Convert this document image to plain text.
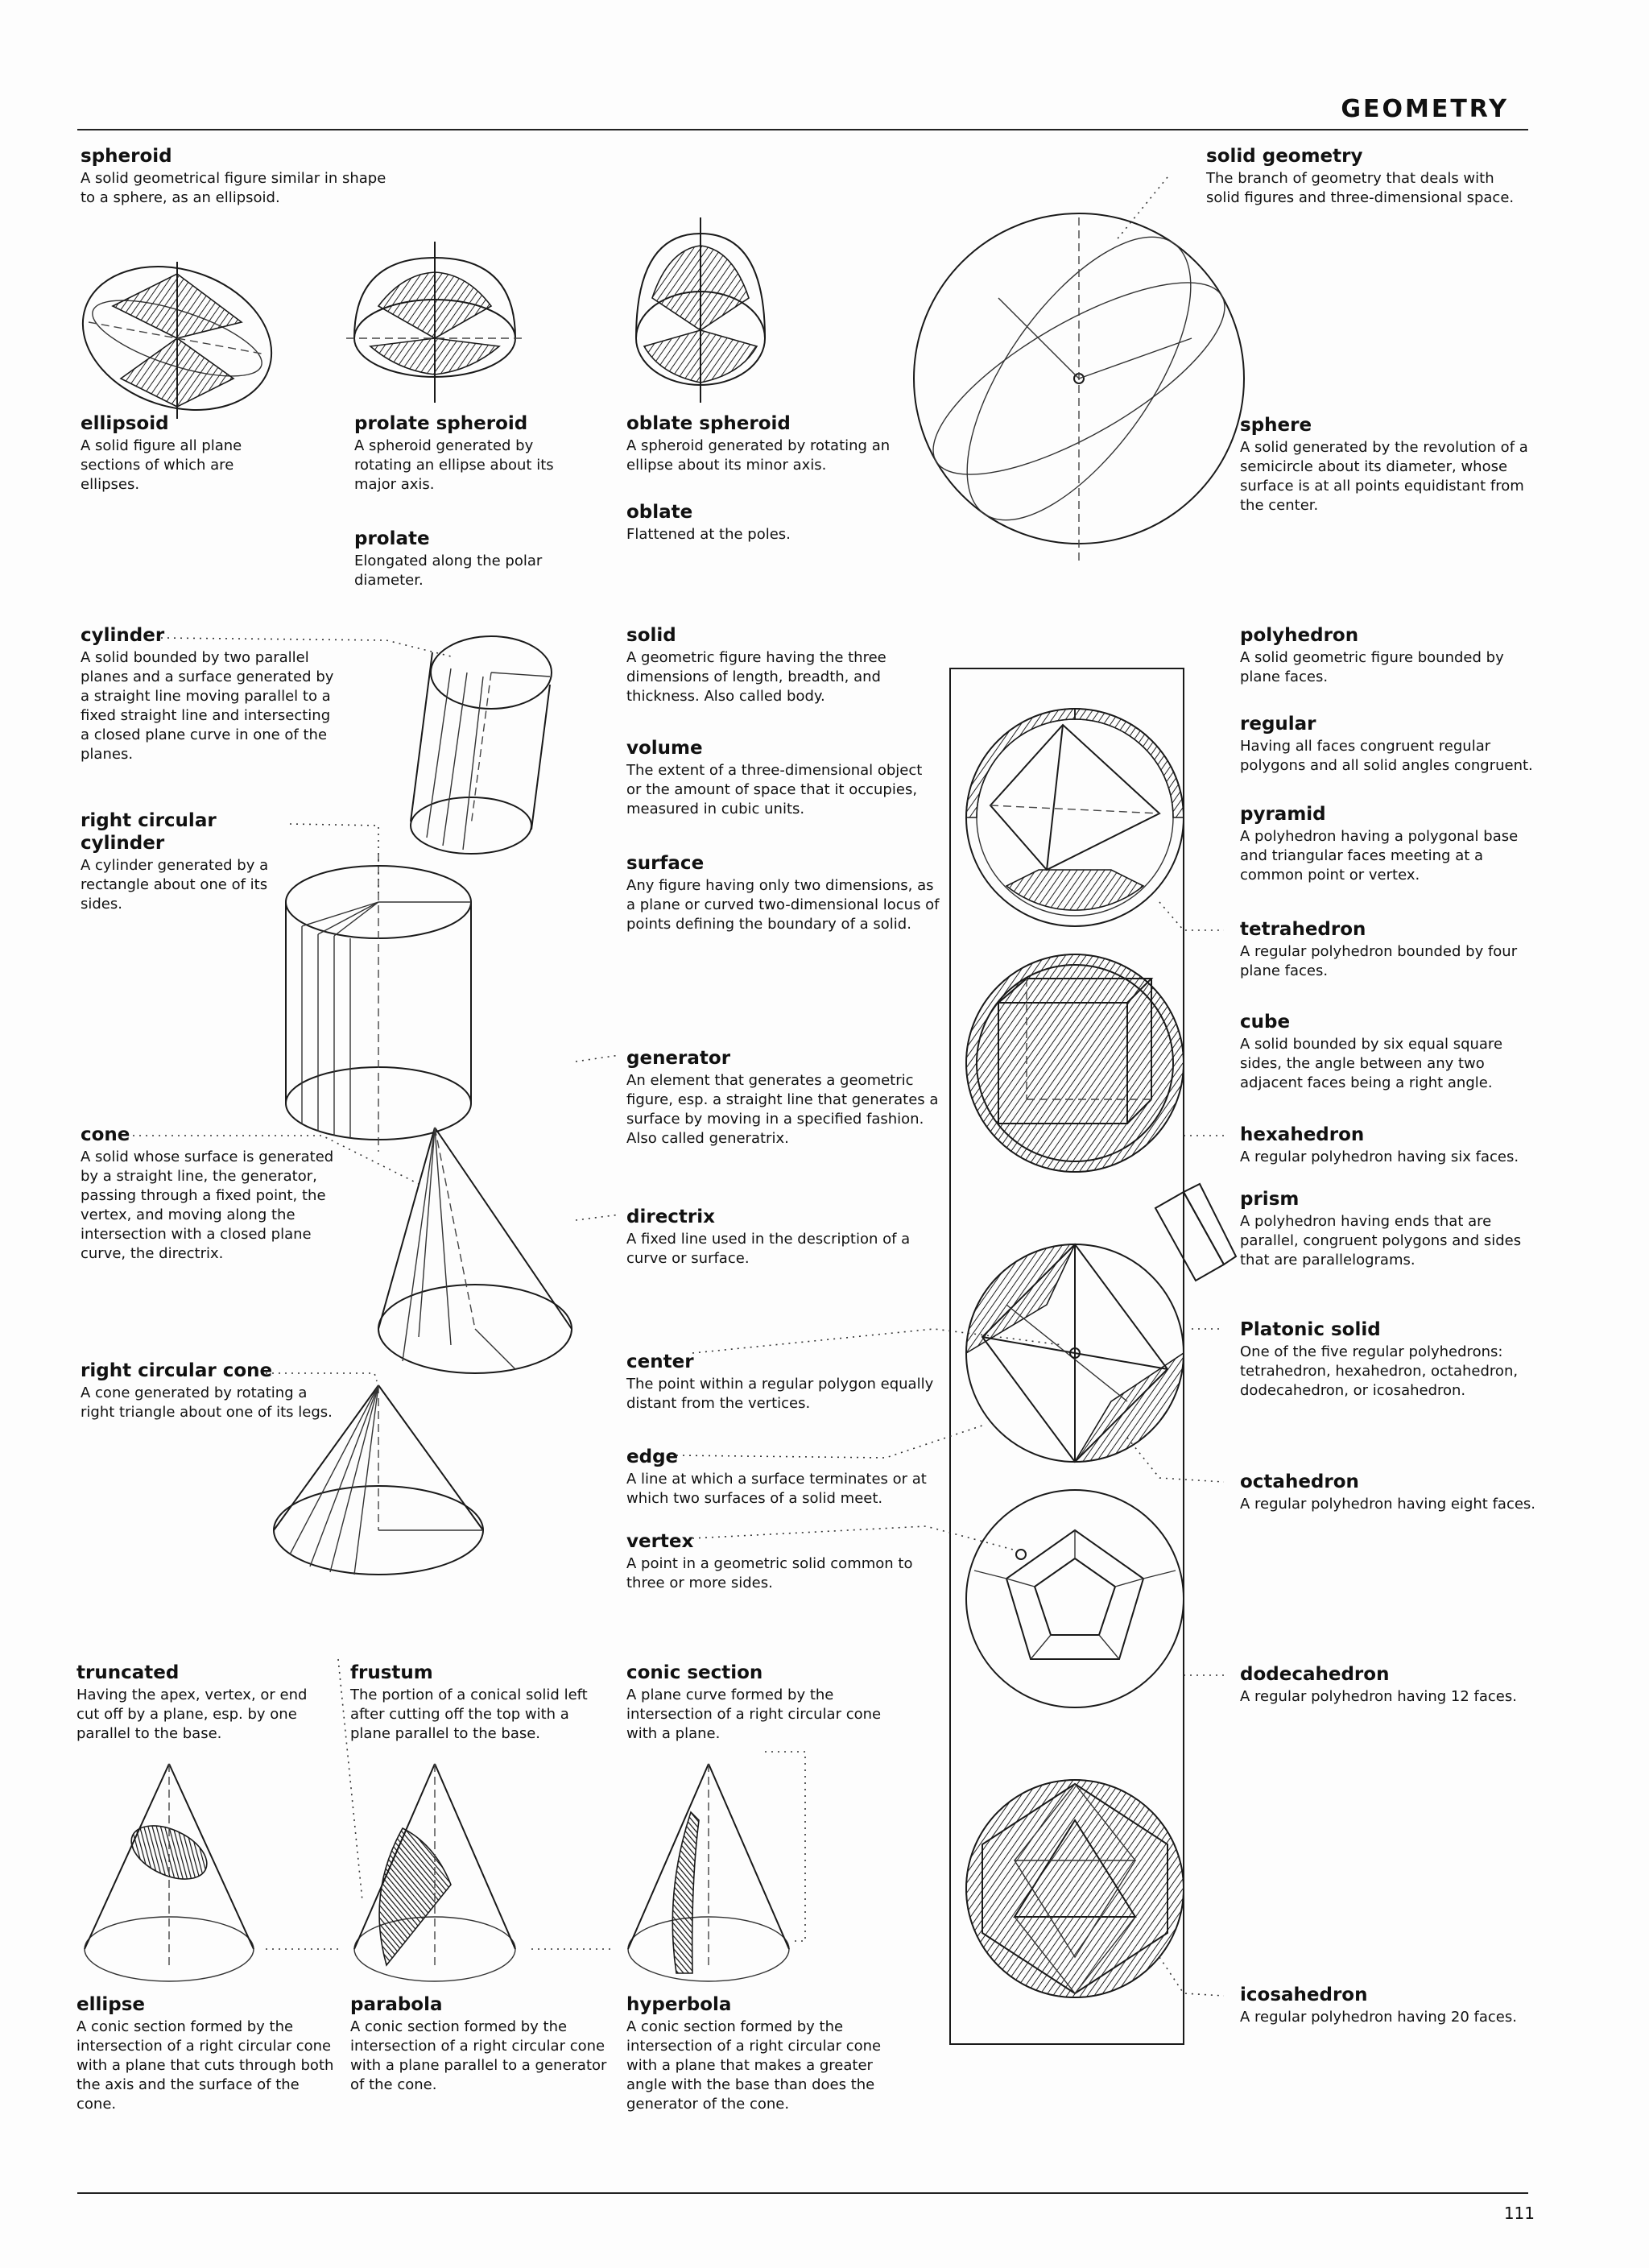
GEOMETRY
111
spheroid
A solid geometrical figure similar in shape to a sphere, as an ellipsoid.
solid geometry
The branch of geometry that deals with solid figures and three-dimensional space.
ellipsoid
A solid figure all plane sections of which are ellipses.
prolate spheroid
A spheroid generated by rotating an ellipse about its major axis.
prolate
Elongated along the polar diameter.
oblate spheroid
A spheroid generated by rotating an ellipse about its minor axis.
oblate
Flattened at the poles.
sphere
A solid generated by the revolution of a semicircle about its diameter, whose surface is at all points equidistant from the center.
cylinder
A solid bounded by two parallel planes and a surface generated by a straight line moving parallel to a fixed straight line and intersecting a closed plane curve in one of the planes.
right circular cylinder
A cylinder generated by a rectangle about one of its sides.
cone
A solid whose surface is generated by a straight line, the generator, passing through a fixed point, the vertex, and moving along the intersection with a closed plane curve, the directrix.
right circular cone
A cone generated by rotating a right triangle about one of its legs.
solid
A geometric figure having the three dimensions of length, breadth, and thickness. Also called body.
volume
The extent of a three-dimensional object or the amount of space that it occupies, measured in cubic units.
surface
Any figure having only two dimensions, as a plane or curved two-dimensional locus of points defining the boundary of a solid.
generator
An element that generates a geometric figure, esp. a straight line that generates a surface by moving in a specified fashion. Also called generatrix.
directrix
A fixed line used in the description of a curve or surface.
center
The point within a regular polygon equally distant from the vertices.
edge
A line at which a surface terminates or at which two surfaces of a solid meet.
vertex
A point in a geometric solid common to three or more sides.
polyhedron
A solid geometric figure bounded by plane faces.
regular
Having all faces congruent regular polygons and all solid angles congruent.
pyramid
A polyhedron having a polygonal base and triangular faces meeting at a common point or vertex.
tetrahedron
A regular polyhedron bounded by four plane faces.
cube
A solid bounded by six equal square sides, the angle between any two adjacent faces being a right angle.
hexahedron
A regular polyhedron having six faces.
prism
A polyhedron having ends that are parallel, congruent polygons and sides that are parallelograms.
Platonic solid
One of the five regular polyhedrons: tetrahedron, hexahedron, octahedron, dodecahedron, or icosahedron.
octahedron
A regular polyhedron having eight faces.
dodecahedron
A regular polyhedron having 12 faces.
icosahedron
A regular polyhedron having 20 faces.
truncated
Having the apex, vertex, or end cut off by a plane, esp. by one parallel to the base.
frustum
The portion of a conical solid left after cutting off the top with a plane parallel to the base.
conic section
A plane curve formed by the intersection of a right circular cone with a plane.
ellipse
A conic section formed by the intersection of a right circular cone with a plane that cuts through both the axis and the surface of the cone.
parabola
A conic section formed by the intersection of a right circular cone with a plane parallel to a generator of the cone.
hyperbola
A conic section formed by the intersection of a right circular cone with a plane that makes a greater angle with the base than does the generator of the cone.
